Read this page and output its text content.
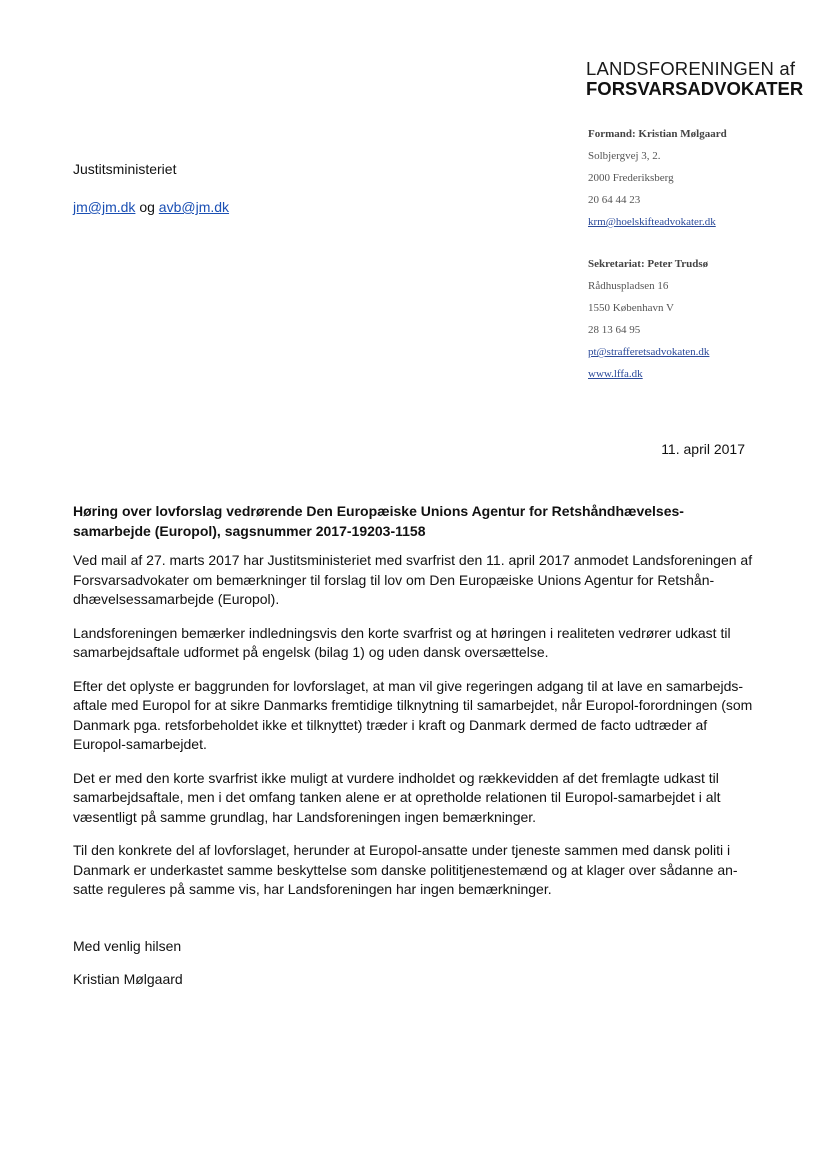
LANDSFORENINGEN af
FORSVARSADVOKATER
Formand: Kristian Mølgaard
Solbjergvej 3, 2.
2000 Frederiksberg
20 64 44 23
krm@hoelskifteadvokater.dk
Sekretariat: Peter Trudsø
Rådhuspladsen 16
1550 København V
28 13 64 95
pt@strafferetsadvokaten.dk
www.lffa.dk
Justitsministeriet
jm@jm.dk og avb@jm.dk
11. april 2017
Høring over lovforslag vedrørende Den Europæiske Unions Agentur for Retshåndhævelses-samarbejde (Europol), sagsnummer 2017-19203-1158

Ved mail af 27. marts 2017 har Justitsministeriet med svarfrist den 11. april 2017 anmodet Landsforeningen af Forsvarsadvokater om bemærkninger til forslag til lov om Den Europæiske Unions Agentur for Retshån-dhævelsessamarbejde (Europol).

Landsforeningen bemærker indledningsvis den korte svarfrist og at høringen i realiteten vedrører udkast til samarbejdsaftale udformet på engelsk (bilag 1) og uden dansk oversættelse.

Efter det oplyste er baggrunden for lovforslaget, at man vil give regeringen adgang til at lave en samarbejds-aftale med Europol for at sikre Danmarks fremtidige tilknytning til samarbejdet, når Europol-forordningen (som Danmark pga. retsforbeholdet ikke et tilknyttet) træder i kraft og Danmark dermed de facto udtræder af Europol-samarbejdet.

Det er med den korte svarfrist ikke muligt at vurdere indholdet og rækkevidden af det fremlagte udkast til samarbejdsaftale, men i det omfang tanken alene er at opretholde relationen til Europol-samarbejdet i alt væsentligt på samme grundlag, har Landsforeningen ingen bemærkninger.

Til den konkrete del af lovforslaget, herunder at Europol-ansatte under tjeneste sammen med dansk politi i Danmark er underkastet samme beskyttelse som danske polititjenestemænd og at klager over sådanne an-satte reguleres på samme vis, har Landsforeningen har ingen bemærkninger.

Med venlig hilsen
Kristian Mølgaard
